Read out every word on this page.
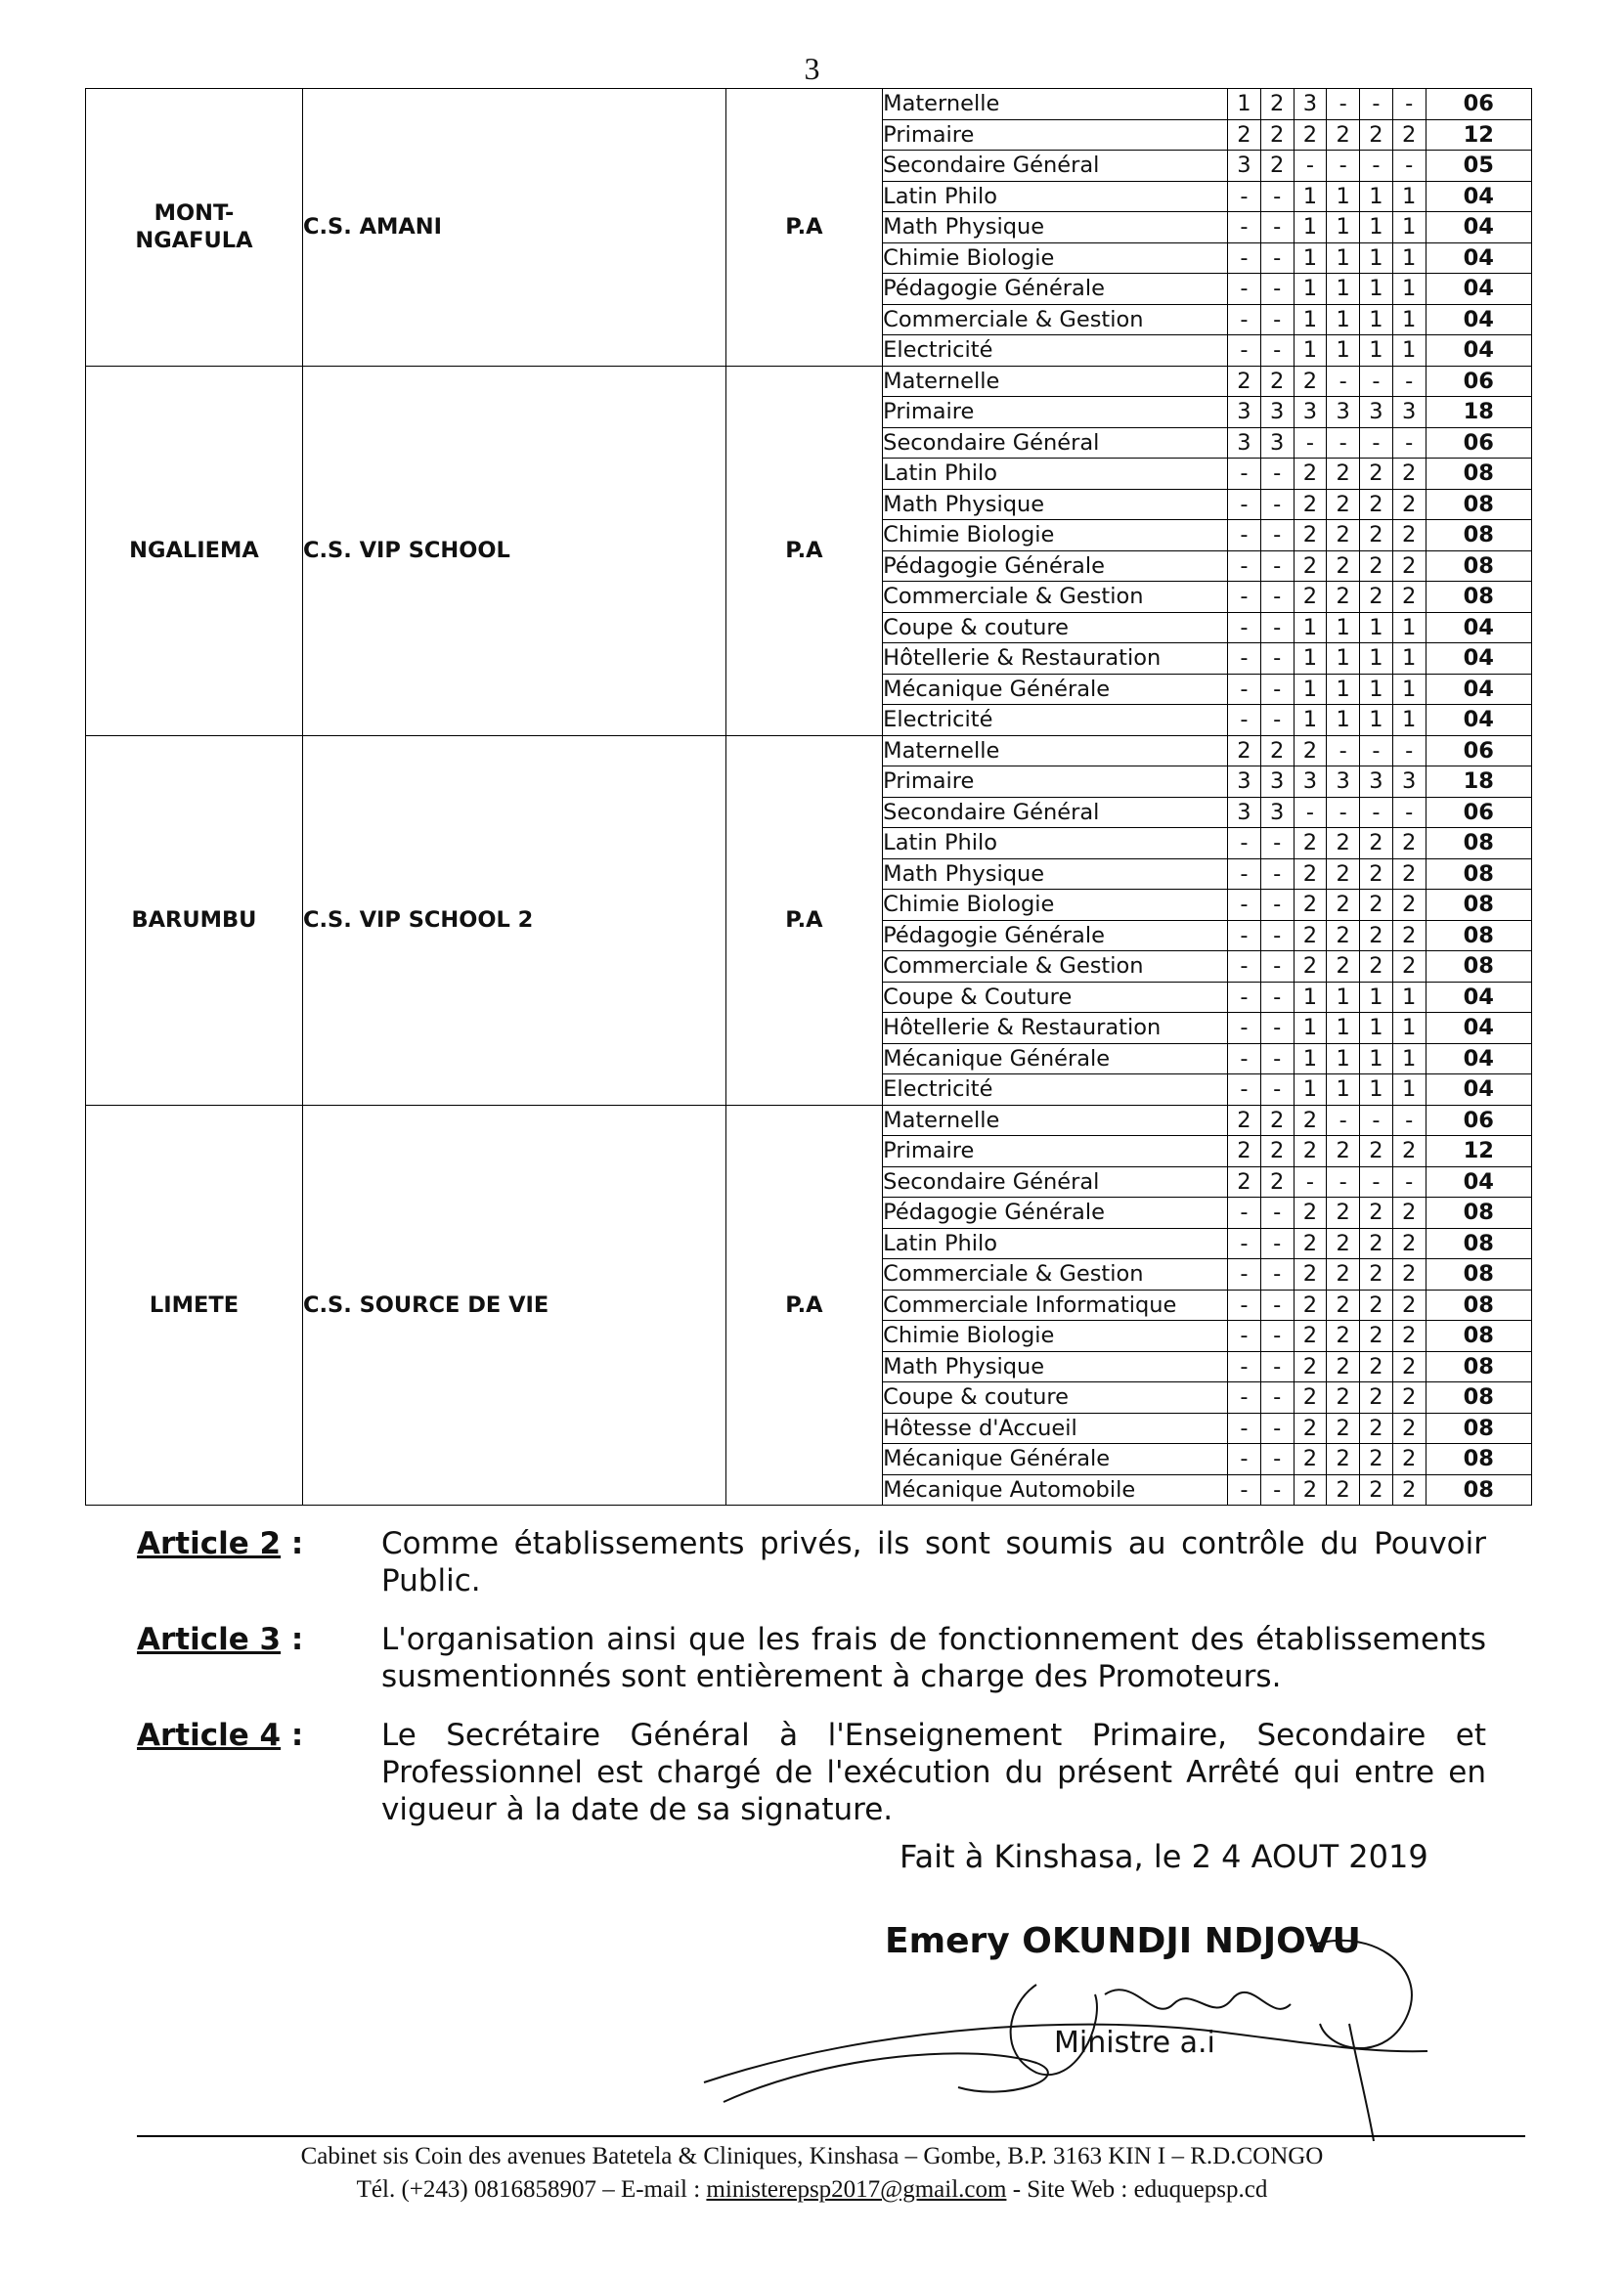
3
MONT-
NGAFULA	C.S. AMANI	P.A	Maternelle	1	2	3	-	-	-	06
			Primaire	2	2	2	2	2	2	12
			Secondaire Général	3	2	-	-	-	-	05
			Latin Philo	-	-	1	1	1	1	04
			Math Physique	-	-	1	1	1	1	04
			Chimie Biologie	-	-	1	1	1	1	04
			Pédagogie Générale	-	-	1	1	1	1	04
			Commerciale & Gestion	-	-	1	1	1	1	04
			Electricité	-	-	1	1	1	1	04
NGALIEMA	C.S. VIP SCHOOL	P.A	Maternelle	2	2	2	-	-	-	06
			Primaire	3	3	3	3	3	3	18
			Secondaire Général	3	3	-	-	-	-	06
			Latin Philo	-	-	2	2	2	2	08
			Math Physique	-	-	2	2	2	2	08
			Chimie Biologie	-	-	2	2	2	2	08
			Pédagogie Générale	-	-	2	2	2	2	08
			Commerciale & Gestion	-	-	2	2	2	2	08
			Coupe & couture	-	-	1	1	1	1	04
			Hôtellerie & Restauration	-	-	1	1	1	1	04
			Mécanique Générale	-	-	1	1	1	1	04
			Electricité	-	-	1	1	1	1	04
BARUMBU	C.S. VIP SCHOOL 2	P.A	Maternelle	2	2	2	-	-	-	06
			Primaire	3	3	3	3	3	3	18
			Secondaire Général	3	3	-	-	-	-	06
			Latin Philo	-	-	2	2	2	2	08
			Math Physique	-	-	2	2	2	2	08
			Chimie Biologie	-	-	2	2	2	2	08
			Pédagogie Générale	-	-	2	2	2	2	08
			Commerciale & Gestion	-	-	2	2	2	2	08
			Coupe & Couture	-	-	1	1	1	1	04
			Hôtellerie & Restauration	-	-	1	1	1	1	04
			Mécanique Générale	-	-	1	1	1	1	04
			Electricité	-	-	1	1	1	1	04
LIMETE	C.S. SOURCE DE VIE	P.A	Maternelle	2	2	2	-	-	-	06
			Primaire	2	2	2	2	2	2	12
			Secondaire Général	2	2	-	-	-	-	04
			Pédagogie Générale	-	-	2	2	2	2	08
			Latin Philo	-	-	2	2	2	2	08
			Commerciale & Gestion	-	-	2	2	2	2	08
			Commerciale Informatique	-	-	2	2	2	2	08
			Chimie Biologie	-	-	2	2	2	2	08
			Math Physique	-	-	2	2	2	2	08
			Coupe & couture	-	-	2	2	2	2	08
			Hôtesse d'Accueil	-	-	2	2	2	2	08
			Mécanique Générale	-	-	2	2	2	2	08
			Mécanique Automobile	-	-	2	2	2	2	08
Article 2 :	Comme établissements privés, ils sont soumis au contrôle du Pouvoir Public.
Article 3 :	L'organisation ainsi que les frais de fonctionnement des établissements susmentionnés sont entièrement à charge des Promoteurs.
Article 4 :	Le Secrétaire Général à l'Enseignement Primaire, Secondaire et Professionnel est chargé de l'exécution du présent Arrêté qui entre en vigueur à la date de sa signature.
Fait à Kinshasa, le 2 4 AOUT 2019
Emery OKUNDJI NDJOVU
Ministre a.i
Cabinet sis Coin des avenues Batetela & Cliniques, Kinshasa – Gombe, B.P. 3163 KIN I – R.D.CONGO
Tél. (+243) 0816858907 – E-mail : ministerepsp2017@gmail.com - Site Web : eduquepsp.cd
